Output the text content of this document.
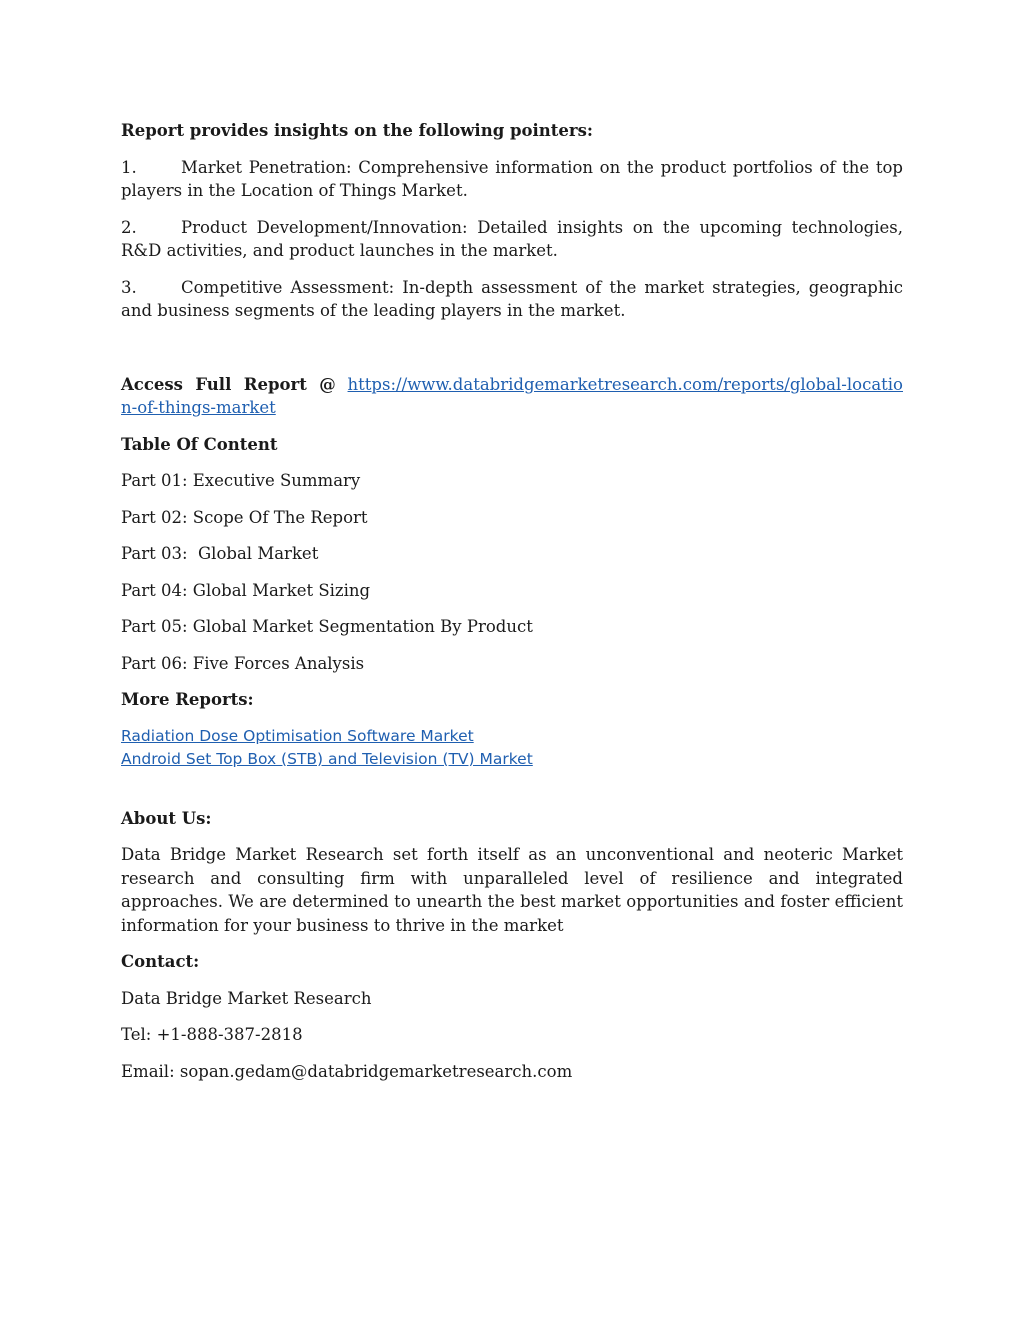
Report provides insights on the following pointers:

1.	Market Penetration: Comprehensive information on the product portfolios of the top players in the Location of Things Market.

2.	Product Development/Innovation: Detailed insights on the upcoming technologies, R&D activities, and product launches in the market.

3.	Competitive Assessment: In-depth assessment of the market strategies, geographic and business segments of the leading players in the market.

Access Full Report @ https://www.databridgemarketresearch.com/reports/global-location-of-things-market

Table Of Content

Part 01: Executive Summary

Part 02: Scope Of The Report

Part 03:  Global Market

Part 04: Global Market Sizing

Part 05: Global Market Segmentation By Product

Part 06: Five Forces Analysis

More Reports:

Radiation Dose Optimisation Software Market
Android Set Top Box (STB) and Television (TV) Market

About Us:

Data Bridge Market Research set forth itself as an unconventional and neoteric Market research and consulting firm with unparalleled level of resilience and integrated approaches. We are determined to unearth the best market opportunities and foster efficient information for your business to thrive in the market

Contact:

Data Bridge Market Research

Tel: +1-888-387-2818

Email: sopan.gedam@databridgemarketresearch.com
